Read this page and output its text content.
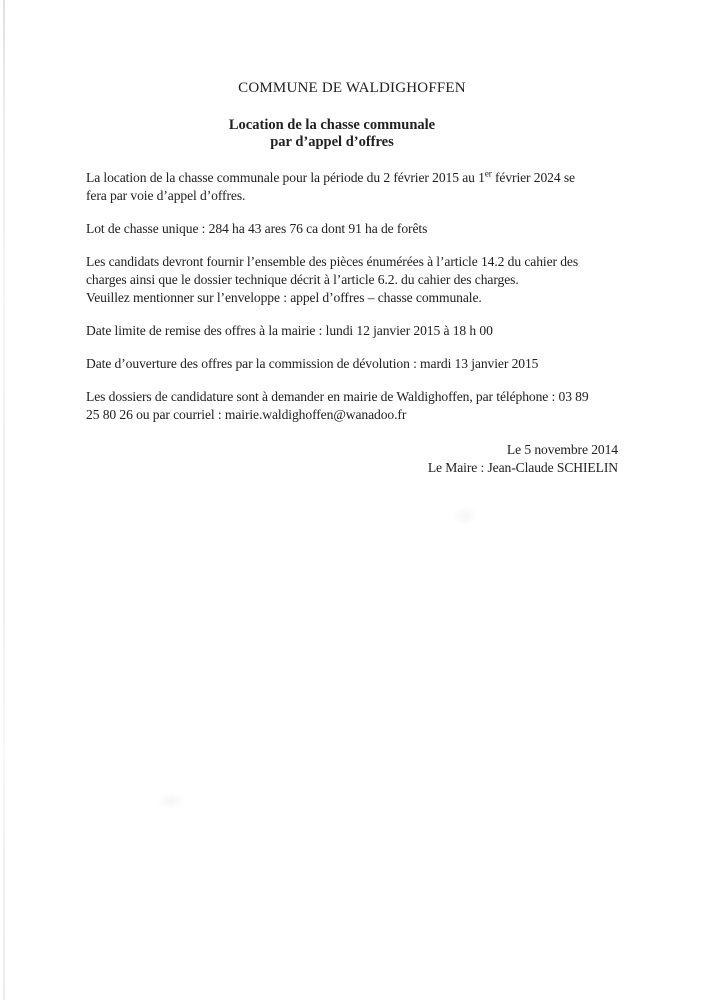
COMMUNE DE WALDIGHOFFEN
Location de la chasse communale
par d’appel d’offres
La location de la chasse communale pour la période du 2 février 2015 au 1er février 2024 se
fera par voie d’appel d’offres.
Lot de chasse unique : 284 ha 43 ares 76 ca dont 91 ha de forêts
Les candidats devront fournir l’ensemble des pièces énumérées à l’article 14.2 du cahier des
charges ainsi que le dossier technique décrit à l’article 6.2. du cahier des charges.
Veuillez mentionner sur l’enveloppe : appel d’offres – chasse communale.
Date limite de remise des offres à la mairie : lundi 12 janvier 2015 à 18 h 00
Date d’ouverture des offres par la commission de dévolution : mardi 13 janvier 2015
Les dossiers de candidature sont à demander en mairie de Waldighoffen, par téléphone : 03 89
25 80 26 ou par courriel : mairie.waldighoffen@wanadoo.fr
Le 5 novembre 2014
Le Maire : Jean-Claude SCHIELIN
